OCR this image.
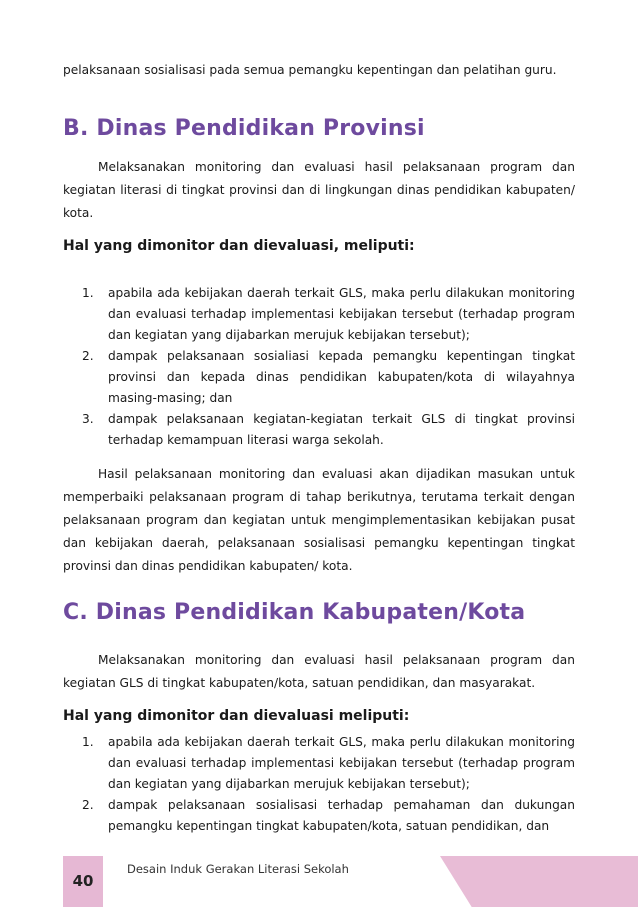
pelaksanaan sosialisasi pada semua pemangku kepentingan dan pelatihan guru.

B. Dinas Pendidikan Provinsi

Melaksanakan monitoring dan evaluasi hasil pelaksanaan program dan kegiatan literasi di tingkat provinsi dan di lingkungan dinas pendidikan kabupaten/ kota.

Hal yang dimonitor dan dievaluasi, meliputi:
1. apabila ada kebijakan daerah terkait GLS, maka perlu dilakukan monitoring dan evaluasi terhadap implementasi kebijakan tersebut (terhadap program dan kegiatan yang dijabarkan merujuk kebijakan tersebut);
2. dampak pelaksanaan sosialiasi kepada pemangku kepentingan tingkat provinsi dan kepada dinas pendidikan kabupaten/kota di wilayahnya masing-masing; dan
3. dampak pelaksanaan kegiatan-kegiatan terkait GLS di tingkat provinsi terhadap kemampuan literasi warga sekolah.

Hasil pelaksanaan monitoring dan evaluasi akan dijadikan masukan untuk memperbaiki pelaksanaan program di tahap berikutnya, terutama terkait dengan pelaksanaan program dan kegiatan untuk mengimplementasikan kebijakan pusat dan kebijakan daerah, pelaksanaan sosialisasi pemangku kepentingan tingkat provinsi dan dinas pendidikan kabupaten/ kota.

C. Dinas Pendidikan Kabupaten/Kota

Melaksanakan monitoring dan evaluasi hasil pelaksanaan program dan kegiatan GLS di tingkat kabupaten/kota, satuan pendidikan, dan masyarakat.

Hal yang dimonitor dan dievaluasi meliputi:
1. apabila ada kebijakan daerah terkait GLS, maka perlu dilakukan monitoring dan evaluasi terhadap implementasi kebijakan tersebut (terhadap program dan kegiatan yang dijabarkan merujuk kebijakan tersebut);
2. dampak pelaksanaan sosialisasi terhadap pemahaman dan dukungan pemangku kepentingan tingkat kabupaten/kota, satuan pendidikan, dan
40
Desain Induk Gerakan Literasi Sekolah
